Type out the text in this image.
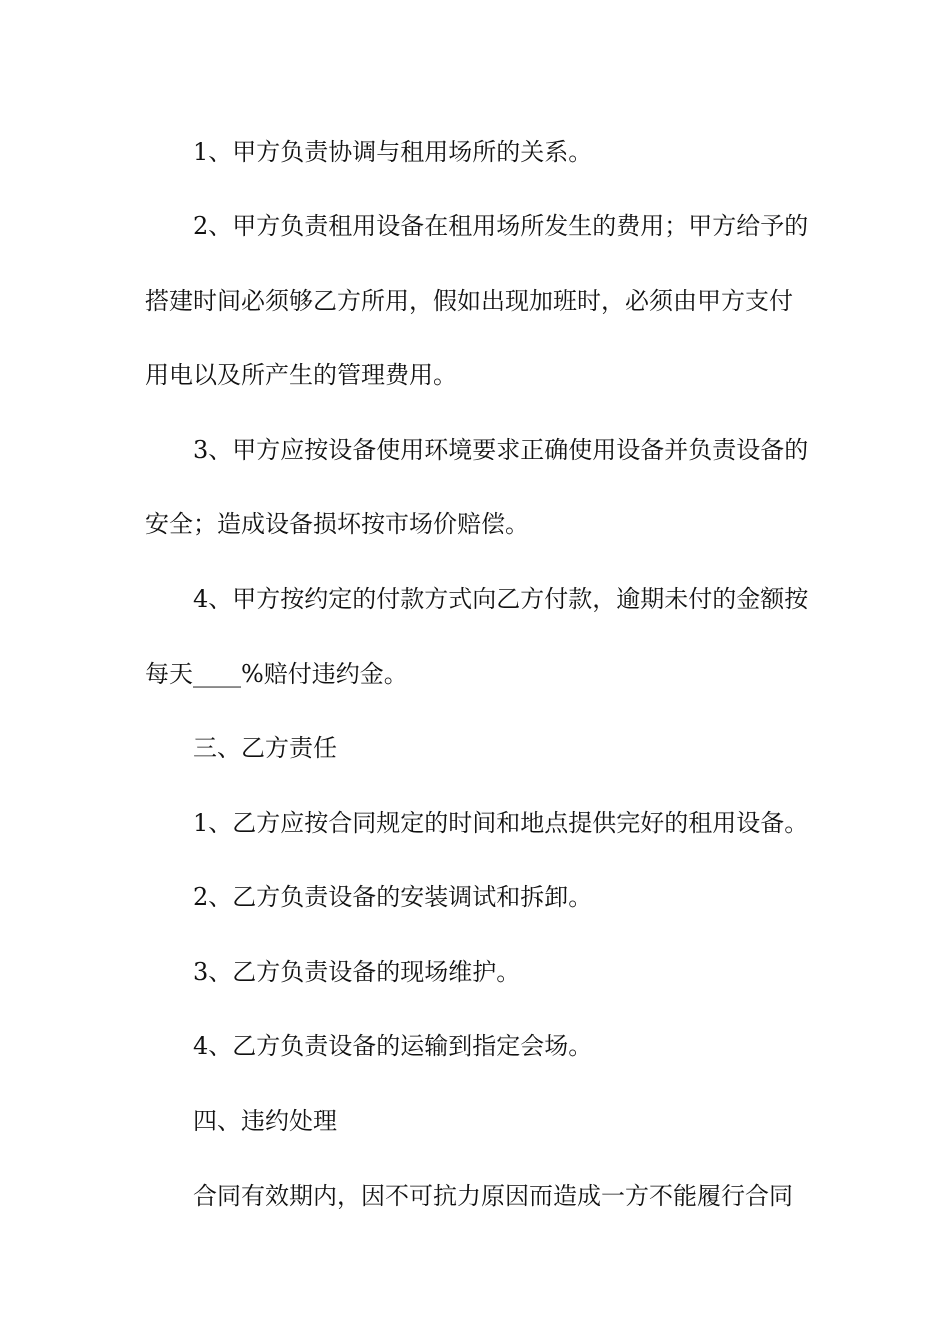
1、甲方负责协调与租用场所的关系。
2、甲方负责租用设备在租用场所发生的费用；甲方给予的
搭建时间必须够乙方所用，假如出现加班时，必须由甲方支付
用电以及所产生的管理费用。
3、甲方应按设备使用环境要求正确使用设备并负责设备的
安全；造成设备损坏按市场价赔偿。
4、甲方按约定的付款方式向乙方付款，逾期未付的金额按
每天____%赔付违约金。
三、乙方责任
1、乙方应按合同规定的时间和地点提供完好的租用设备。
2、乙方负责设备的安装调试和拆卸。
3、乙方负责设备的现场维护。
4、乙方负责设备的运输到指定会场。
四、违约处理
合同有效期内，因不可抗力原因而造成一方不能履行合同
